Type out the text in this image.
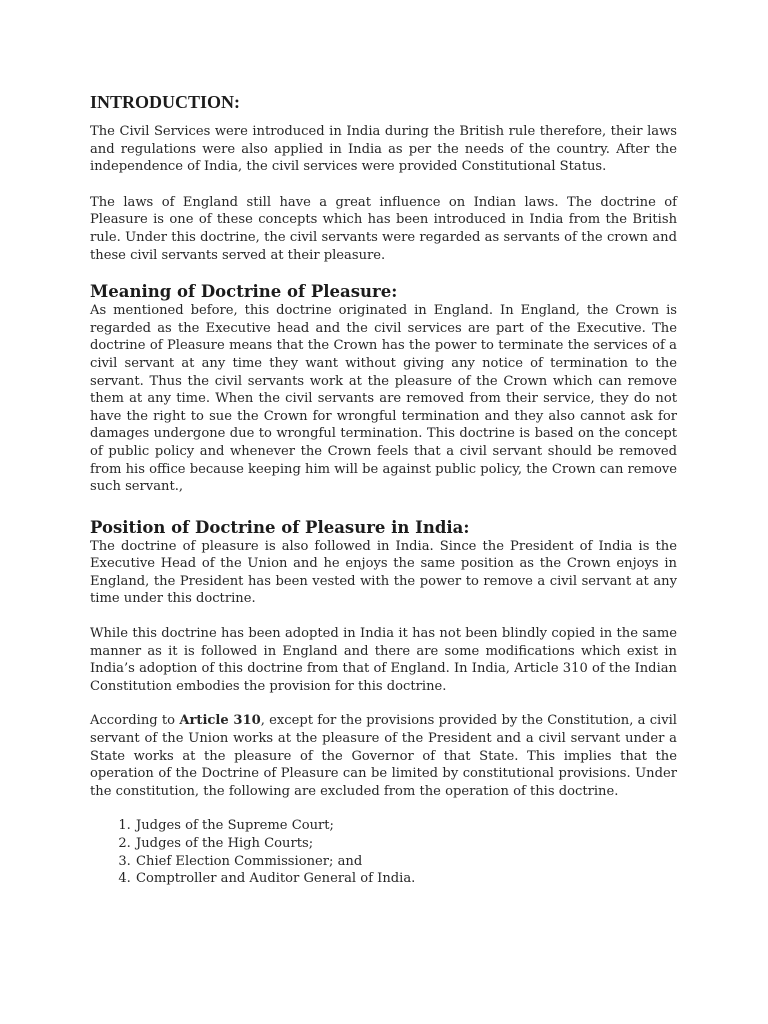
INTRODUCTION:

The Civil Services were introduced in India during the British rule therefore, their laws and regulations were also applied in India as per the needs of the country. After the independence of India, the civil services were provided Constitutional Status.

The laws of England still have a great influence on Indian laws. The doctrine of Pleasure is one of these concepts which has been introduced in India from the British rule. Under this doctrine, the civil servants were regarded as servants of the crown and these civil servants served at their pleasure.

Meaning of Doctrine of Pleasure:

As mentioned before, this doctrine originated in England. In England, the Crown is regarded as the Executive head and the civil services are part of the Executive. The doctrine of Pleasure means that the Crown has the power to terminate the services of a civil servant at any time they want without giving any notice of termination to the servant. Thus the civil servants work at the pleasure of the Crown which can remove them at any time. When the civil servants are removed from their service, they do not have the right to sue the Crown for wrongful termination and they also cannot ask for damages undergone due to wrongful termination. This doctrine is based on the concept of public policy and whenever the Crown feels that a civil servant should be removed from his office because keeping him will be against public policy, the Crown can remove such servant.,

Position of Doctrine of Pleasure in India:

The doctrine of pleasure is also followed in India. Since the President of India is the Executive Head of the Union and he enjoys the same position as the Crown enjoys in England, the President has been vested with the power to remove a civil servant at any time under this doctrine.

While this doctrine has been adopted in India it has not been blindly copied in the same manner as it is followed in England and there are some modifications which exist in India’s adoption of this doctrine from that of England. In India, Article 310 of the Indian Constitution embodies the provision for this doctrine.

According to Article 310, except for the provisions provided by the Constitution, a civil servant of the Union works at the pleasure of the President and a civil servant under a State works at the pleasure of the Governor of that State. This implies that the operation of the Doctrine of Pleasure can be limited by constitutional provisions. Under the constitution, the following are excluded from the operation of this doctrine.

1. Judges of the Supreme Court;
2. Judges of the High Courts;
3. Chief Election Commissioner; and
4. Comptroller and Auditor General of India.
